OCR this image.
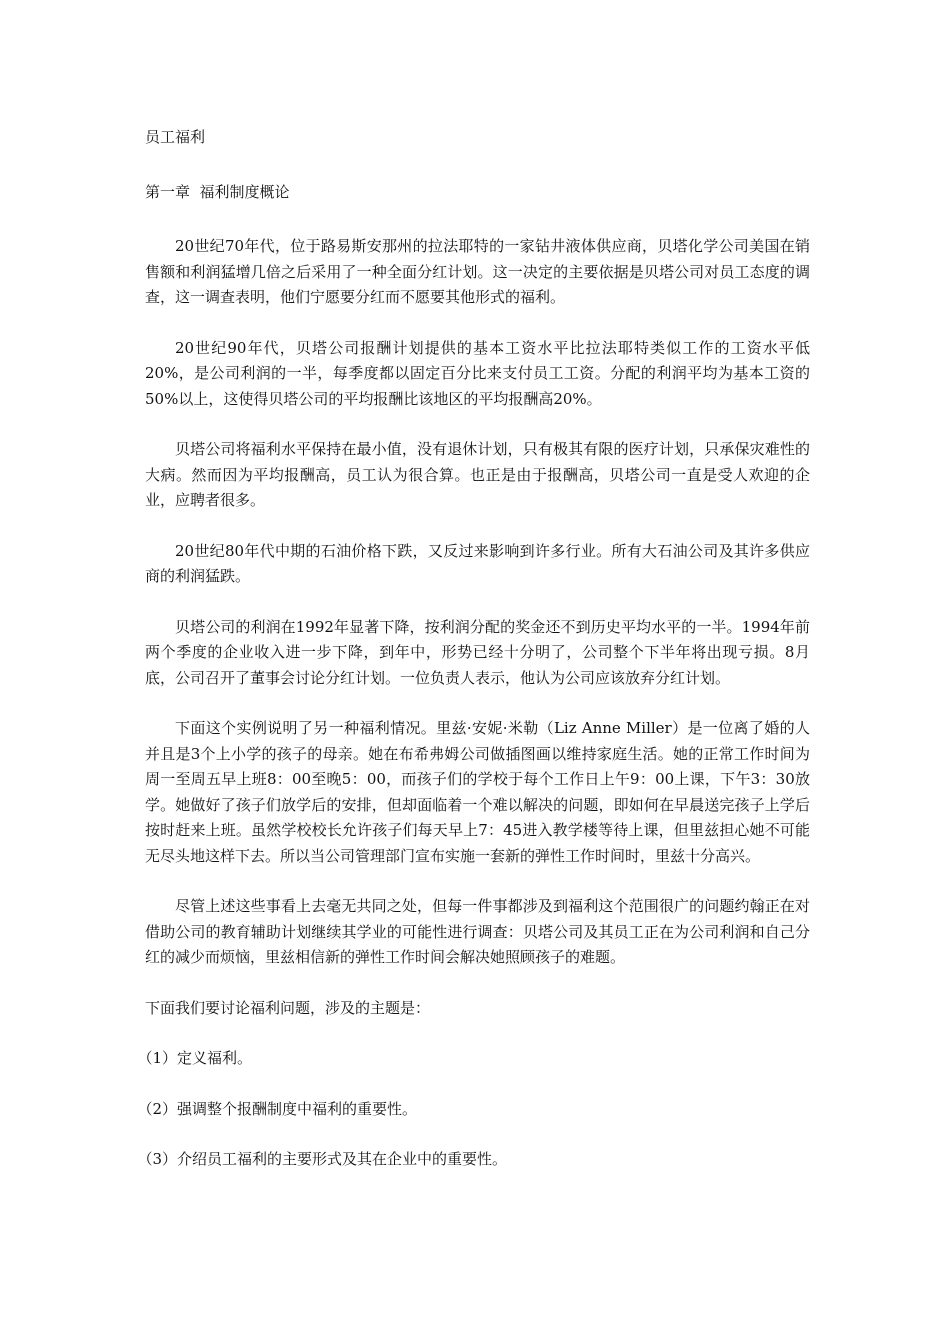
员工福利

第一章  福利制度概论

20世纪70年代，位于路易斯安那州的拉法耶特的一家钻井液体供应商，贝塔化学公司美国在销售额和利润猛增几倍之后采用了一种全面分红计划。这一决定的主要依据是贝塔公司对员工态度的调查，这一调查表明，他们宁愿要分红而不愿要其他形式的福利。

20世纪90年代，贝塔公司报酬计划提供的基本工资水平比拉法耶特类似工作的工资水平低20%，是公司利润的一半，每季度都以固定百分比来支付员工工资。分配的利润平均为基本工资的50%以上，这使得贝塔公司的平均报酬比该地区的平均报酬高20%。

贝塔公司将福利水平保持在最小值，没有退休计划，只有极其有限的医疗计划，只承保灾难性的大病。然而因为平均报酬高，员工认为很合算。也正是由于报酬高，贝塔公司一直是受人欢迎的企业，应聘者很多。

20世纪80年代中期的石油价格下跌，又反过来影响到许多行业。所有大石油公司及其许多供应商的利润猛跌。

贝塔公司的利润在1992年显著下降，按利润分配的奖金还不到历史平均水平的一半。1994年前两个季度的企业收入进一步下降，到年中，形势已经十分明了，公司整个下半年将出现亏损。8月底，公司召开了董事会讨论分红计划。一位负责人表示，他认为公司应该放弃分红计划。

下面这个实例说明了另一种福利情况。里兹·安妮·米勒（Liz Anne Miller）是一位离了婚的人并且是3个上小学的孩子的母亲。她在布希弗姆公司做插图画以维持家庭生活。她的正常工作时间为周一至周五早上班8：00至晚5：00，而孩子们的学校于每个工作日上午9：00上课，下午3：30放学。她做好了孩子们放学后的安排，但却面临着一个难以解决的问题，即如何在早晨送完孩子上学后按时赶来上班。虽然学校校长允许孩子们每天早上7：45进入教学楼等待上课，但里兹担心她不可能无尽头地这样下去。所以当公司管理部门宣布实施一套新的弹性工作时间时，里兹十分高兴。

尽管上述这些事看上去毫无共同之处，但每一件事都涉及到福利这个范围很广的问题约翰正在对借助公司的教育辅助计划继续其学业的可能性进行调查：贝塔公司及其员工正在为公司利润和自己分红的减少而烦恼，里兹相信新的弹性工作时间会解决她照顾孩子的难题。

下面我们要讨论福利问题，涉及的主题是：

（1）定义福利。
（2）强调整个报酬制度中福利的重要性。
（3）介绍员工福利的主要形式及其在企业中的重要性。
